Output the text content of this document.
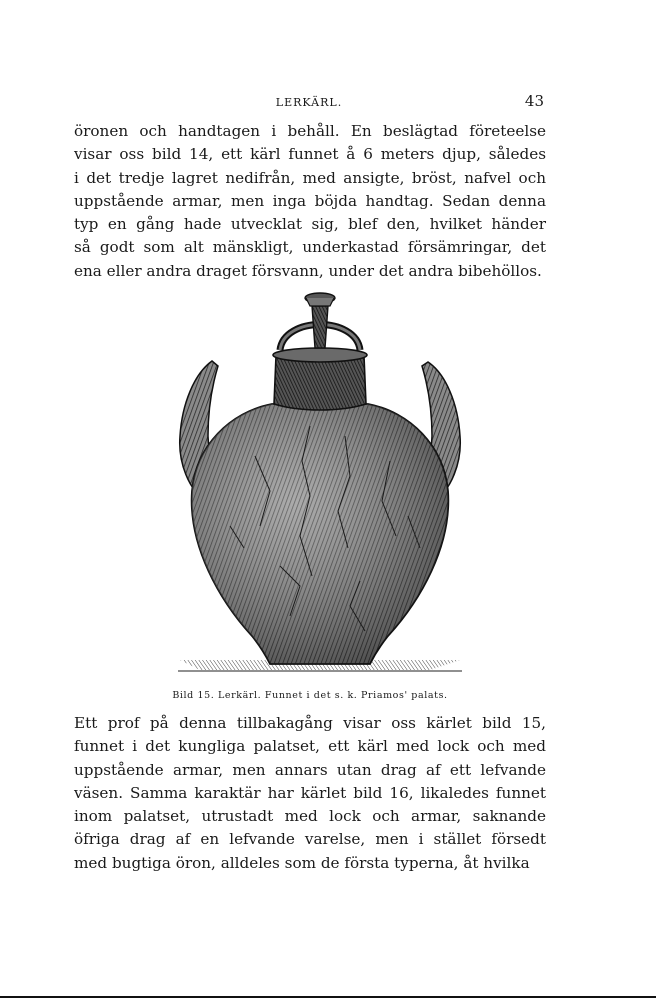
LERKÄRL.	43

öronen och handtagen i behåll. En beslägtad företeelse
visar oss bild 14, ett kärl funnet å 6 meters djup, således
i det tredje lagret nedifrån, med ansigte, bröst, nafvel och
uppstående armar, men inga böjda handtag. Sedan denna
typ en gång hade utvecklat sig, blef den, hvilket händer
så godt som alt mänskligt, underkastad försämringar, det
ena eller andra draget försvann, under det andra bibehöllos.

Bild 15. Lerkärl. Funnet i det s. k. Priamos' palats.

Ett prof på denna tillbakagång visar oss kärlet bild 15,
funnet i det kungliga palatset, ett kärl med lock och med
uppstående armar, men annars utan drag af ett lefvande
väsen. Samma karaktär har kärlet bild 16, likaledes funnet
inom palatset, utrustadt med lock och armar, saknande
öfriga drag af en lefvande varelse, men i stället försedt
med bugtiga öron, alldeles som de första typerna, åt hvilka
